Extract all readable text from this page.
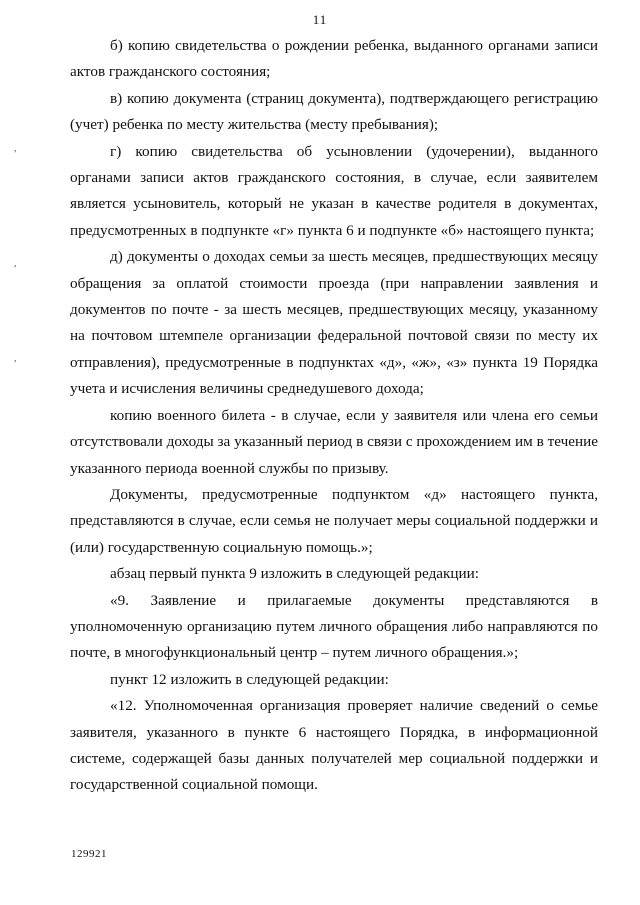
11
,
,
,

б) копию свидетельства о рождении ребенка, выданного органами записи актов гражданского состояния;

в) копию документа (страниц документа), подтверждающего регистрацию (учет) ребенка по месту жительства (месту пребывания);

г) копию свидетельства об усыновлении (удочерении), выданного органами записи актов гражданского состояния, в случае, если заявителем является усыновитель, который не указан в качестве родителя в документах, предусмотренных в подпункте «г» пункта 6 и подпункте «б» настоящего пункта;

д) документы о доходах семьи за шесть месяцев, предшествующих месяцу обращения за оплатой стоимости проезда (при направлении заявления и документов по почте - за шесть месяцев, предшествующих месяцу, указанному на почтовом штемпеле организации федеральной почтовой связи по месту их отправления), предусмотренные в подпунктах «д», «ж», «з» пункта 19 Порядка учета и исчисления величины среднедушевого дохода;

копию военного билета - в случае, если у заявителя или члена его семьи отсутствовали доходы за указанный период в связи с прохождением им в течение указанного периода военной службы по призыву.

Документы, предусмотренные подпунктом «д» настоящего пункта, представляются в случае, если семья не получает меры социальной поддержки и (или) государственную социальную помощь.»;

абзац первый пункта 9 изложить в следующей редакции:

«9. Заявление и прилагаемые документы представляются в уполномоченную организацию путем личного обращения либо направляются по почте, в многофункциональный центр – путем личного обращения.»;

пункт 12 изложить в следующей редакции:

«12. Уполномоченная организация проверяет наличие сведений о семье заявителя, указанного в пункте 6 настоящего Порядка, в информационной системе, содержащей базы данных получателей мер социальной поддержки и государственной социальной помощи.

129921
